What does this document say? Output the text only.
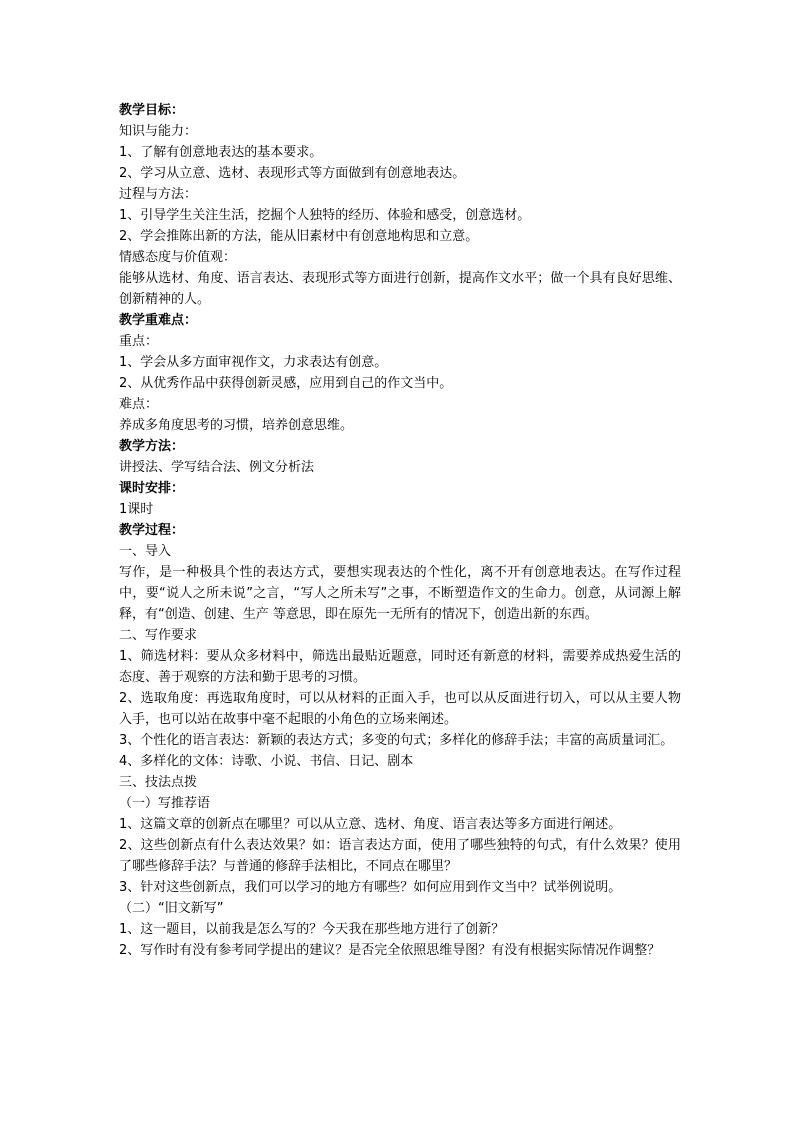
教学目标：
知识与能力：
1、了解有创意地表达的基本要求。
2、学习从立意、选材、表现形式等方面做到有创意地表达。
过程与方法：
1、引导学生关注生活，挖掘个人独特的经历、体验和感受，创意选材。
2、学会推陈出新的方法，能从旧素材中有创意地构思和立意。
情感态度与价值观：
能够从选材、角度、语言表达、表现形式等方面进行创新，提高作文水平；做一个具有良好思维、创新精神的人。
教学重难点：
重点：
1、学会从多方面审视作文，力求表达有创意。
2、从优秀作品中获得创新灵感，应用到自己的作文当中。
难点：
养成多角度思考的习惯，培养创意思维。
教学方法：
讲授法、学写结合法、例文分析法
课时安排：
1课时
教学过程：
一、导入
写作，是一种极具个性的表达方式，要想实现表达的个性化，离不开有创意地表达。在写作过程中，要“说人之所未说”之言，“写人之所未写”之事，不断塑造作文的生命力。创意，从词源上解释，有“创造、创建、生产 等意思，即在原先一无所有的情况下，创造出新的东西。
二、写作要求
1、筛选材料：要从众多材料中，筛选出最贴近题意，同时还有新意的材料，需要养成热爱生活的态度、善于观察的方法和勤于思考的习惯。
2、选取角度：再选取角度时，可以从材料的正面入手，也可以从反面进行切入，可以从主要人物入手，也可以站在故事中毫不起眼的小角色的立场来阐述。
3、个性化的语言表达：新颖的表达方式；多变的句式；多样化的修辞手法；丰富的高质量词汇。
4、多样化的文体：诗歌、小说、书信、日记、剧本
三、技法点拨
（一）写推荐语
1、这篇文章的创新点在哪里？可以从立意、选材、角度、语言表达等多方面进行阐述。
2、这些创新点有什么表达效果？如：语言表达方面，使用了哪些独特的句式，有什么效果？使用了哪些修辞手法？与普通的修辞手法相比，不同点在哪里？
3、针对这些创新点，我们可以学习的地方有哪些？如何应用到作文当中？试举例说明。
（二）“旧文新写”
1、这一题目，以前我是怎么写的？今天我在那些地方进行了创新？
2、写作时有没有参考同学提出的建议？是否完全依照思维导图？有没有根据实际情况作调整？
